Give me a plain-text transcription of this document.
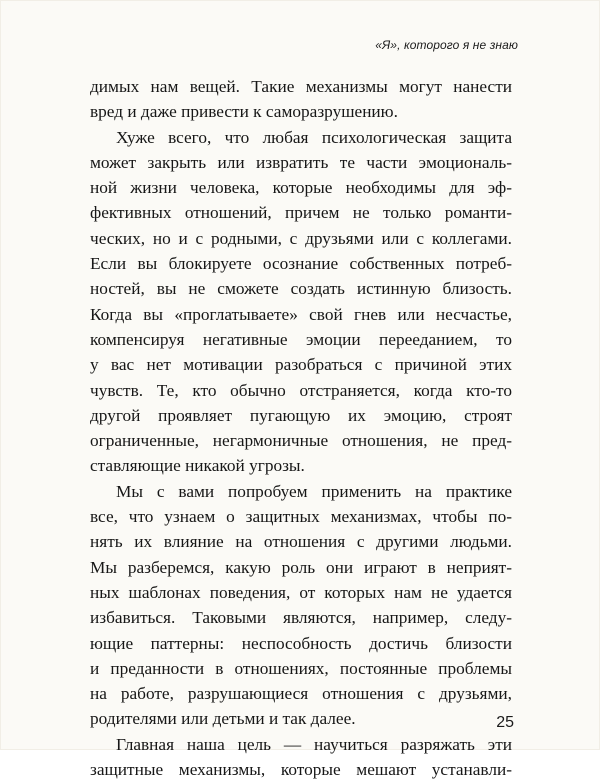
«Я», которого я не знаю
димых нам вещей. Такие механизмы могут нанести
вред и даже привести к саморазрушению.
Хуже всего, что любая психологическая защита
может закрыть или извратить те части эмоциональ-
ной жизни человека, которые необходимы для эф-
фективных отношений, причем не только романти-
ческих, но и с родными, с друзьями или с коллегами.
Если вы блокируете осознание собственных потреб-
ностей, вы не сможете создать истинную близость.
Когда вы «проглатываете» свой гнев или несчастье,
компенсируя негативные эмоции перееданием, то
у вас нет мотивации разобраться с причиной этих
чувств. Те, кто обычно отстраняется, когда кто-то
другой проявляет пугающую их эмоцию, строят
ограниченные, негармоничные отношения, не пред-
ставляющие никакой угрозы.
Мы с вами попробуем применить на практике
все, что узнаем о защитных механизмах, чтобы по-
нять их влияние на отношения с другими людьми.
Мы разберемся, какую роль они играют в неприят-
ных шаблонах поведения, от которых нам не удается
избавиться. Таковыми являются, например, следу-
ющие паттерны: неспособность достичь близости
и преданности в отношениях, постоянные проблемы
на работе, разрушающиеся отношения с друзьями,
родителями или детьми и так далее.
Главная наша цель — научиться разряжать эти
защитные механизмы, которые мешают устанавли-
25
